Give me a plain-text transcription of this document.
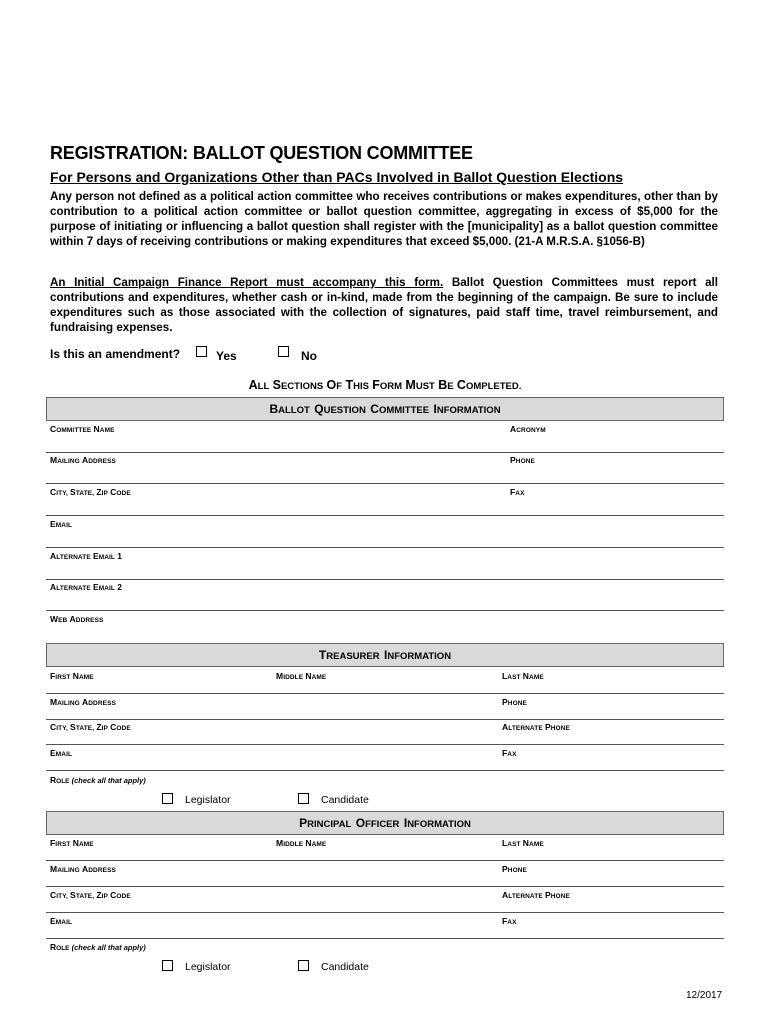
REGISTRATION: BALLOT QUESTION COMMITTEE
For Persons and Organizations Other than PACs Involved in Ballot Question Elections
Any person not defined as a political action committee who receives contributions or makes expenditures, other than by contribution to a political action committee or ballot question committee, aggregating in excess of $5,000 for the purpose of initiating or influencing a ballot question shall register with the [municipality] as a ballot question committee within 7 days of receiving contributions or making expenditures that exceed $5,000. (21-A M.R.S.A. §1056-B)
An Initial Campaign Finance Report must accompany this form. Ballot Question Committees must report all contributions and expenditures, whether cash or in-kind, made from the beginning of the campaign. Be sure to include expenditures such as those associated with the collection of signatures, paid staff time, travel reimbursement, and fundraising expenses.
Is this an amendment?	Yes	No
ALL SECTIONS OF THIS FORM MUST BE COMPLETED.
BALLOT QUESTION COMMITTEE INFORMATION
COMMITTEE NAME	ACRONYM
MAILING ADDRESS	PHONE
CITY, STATE, ZIP CODE	FAX
EMAIL
ALTERNATE EMAIL 1
ALTERNATE EMAIL 2
WEB ADDRESS
TREASURER INFORMATION
FIRST NAME	MIDDLE NAME	LAST NAME
MAILING ADDRESS	PHONE
CITY, STATE, ZIP CODE	ALTERNATE PHONE
EMAIL	FAX
ROLE (check all that apply)
Legislator	Candidate
PRINCIPAL OFFICER INFORMATION
FIRST NAME	MIDDLE NAME	LAST NAME
MAILING ADDRESS	PHONE
CITY, STATE, ZIP CODE	ALTERNATE PHONE
EMAIL	FAX
ROLE (check all that apply)
Legislator	Candidate
12/2017
